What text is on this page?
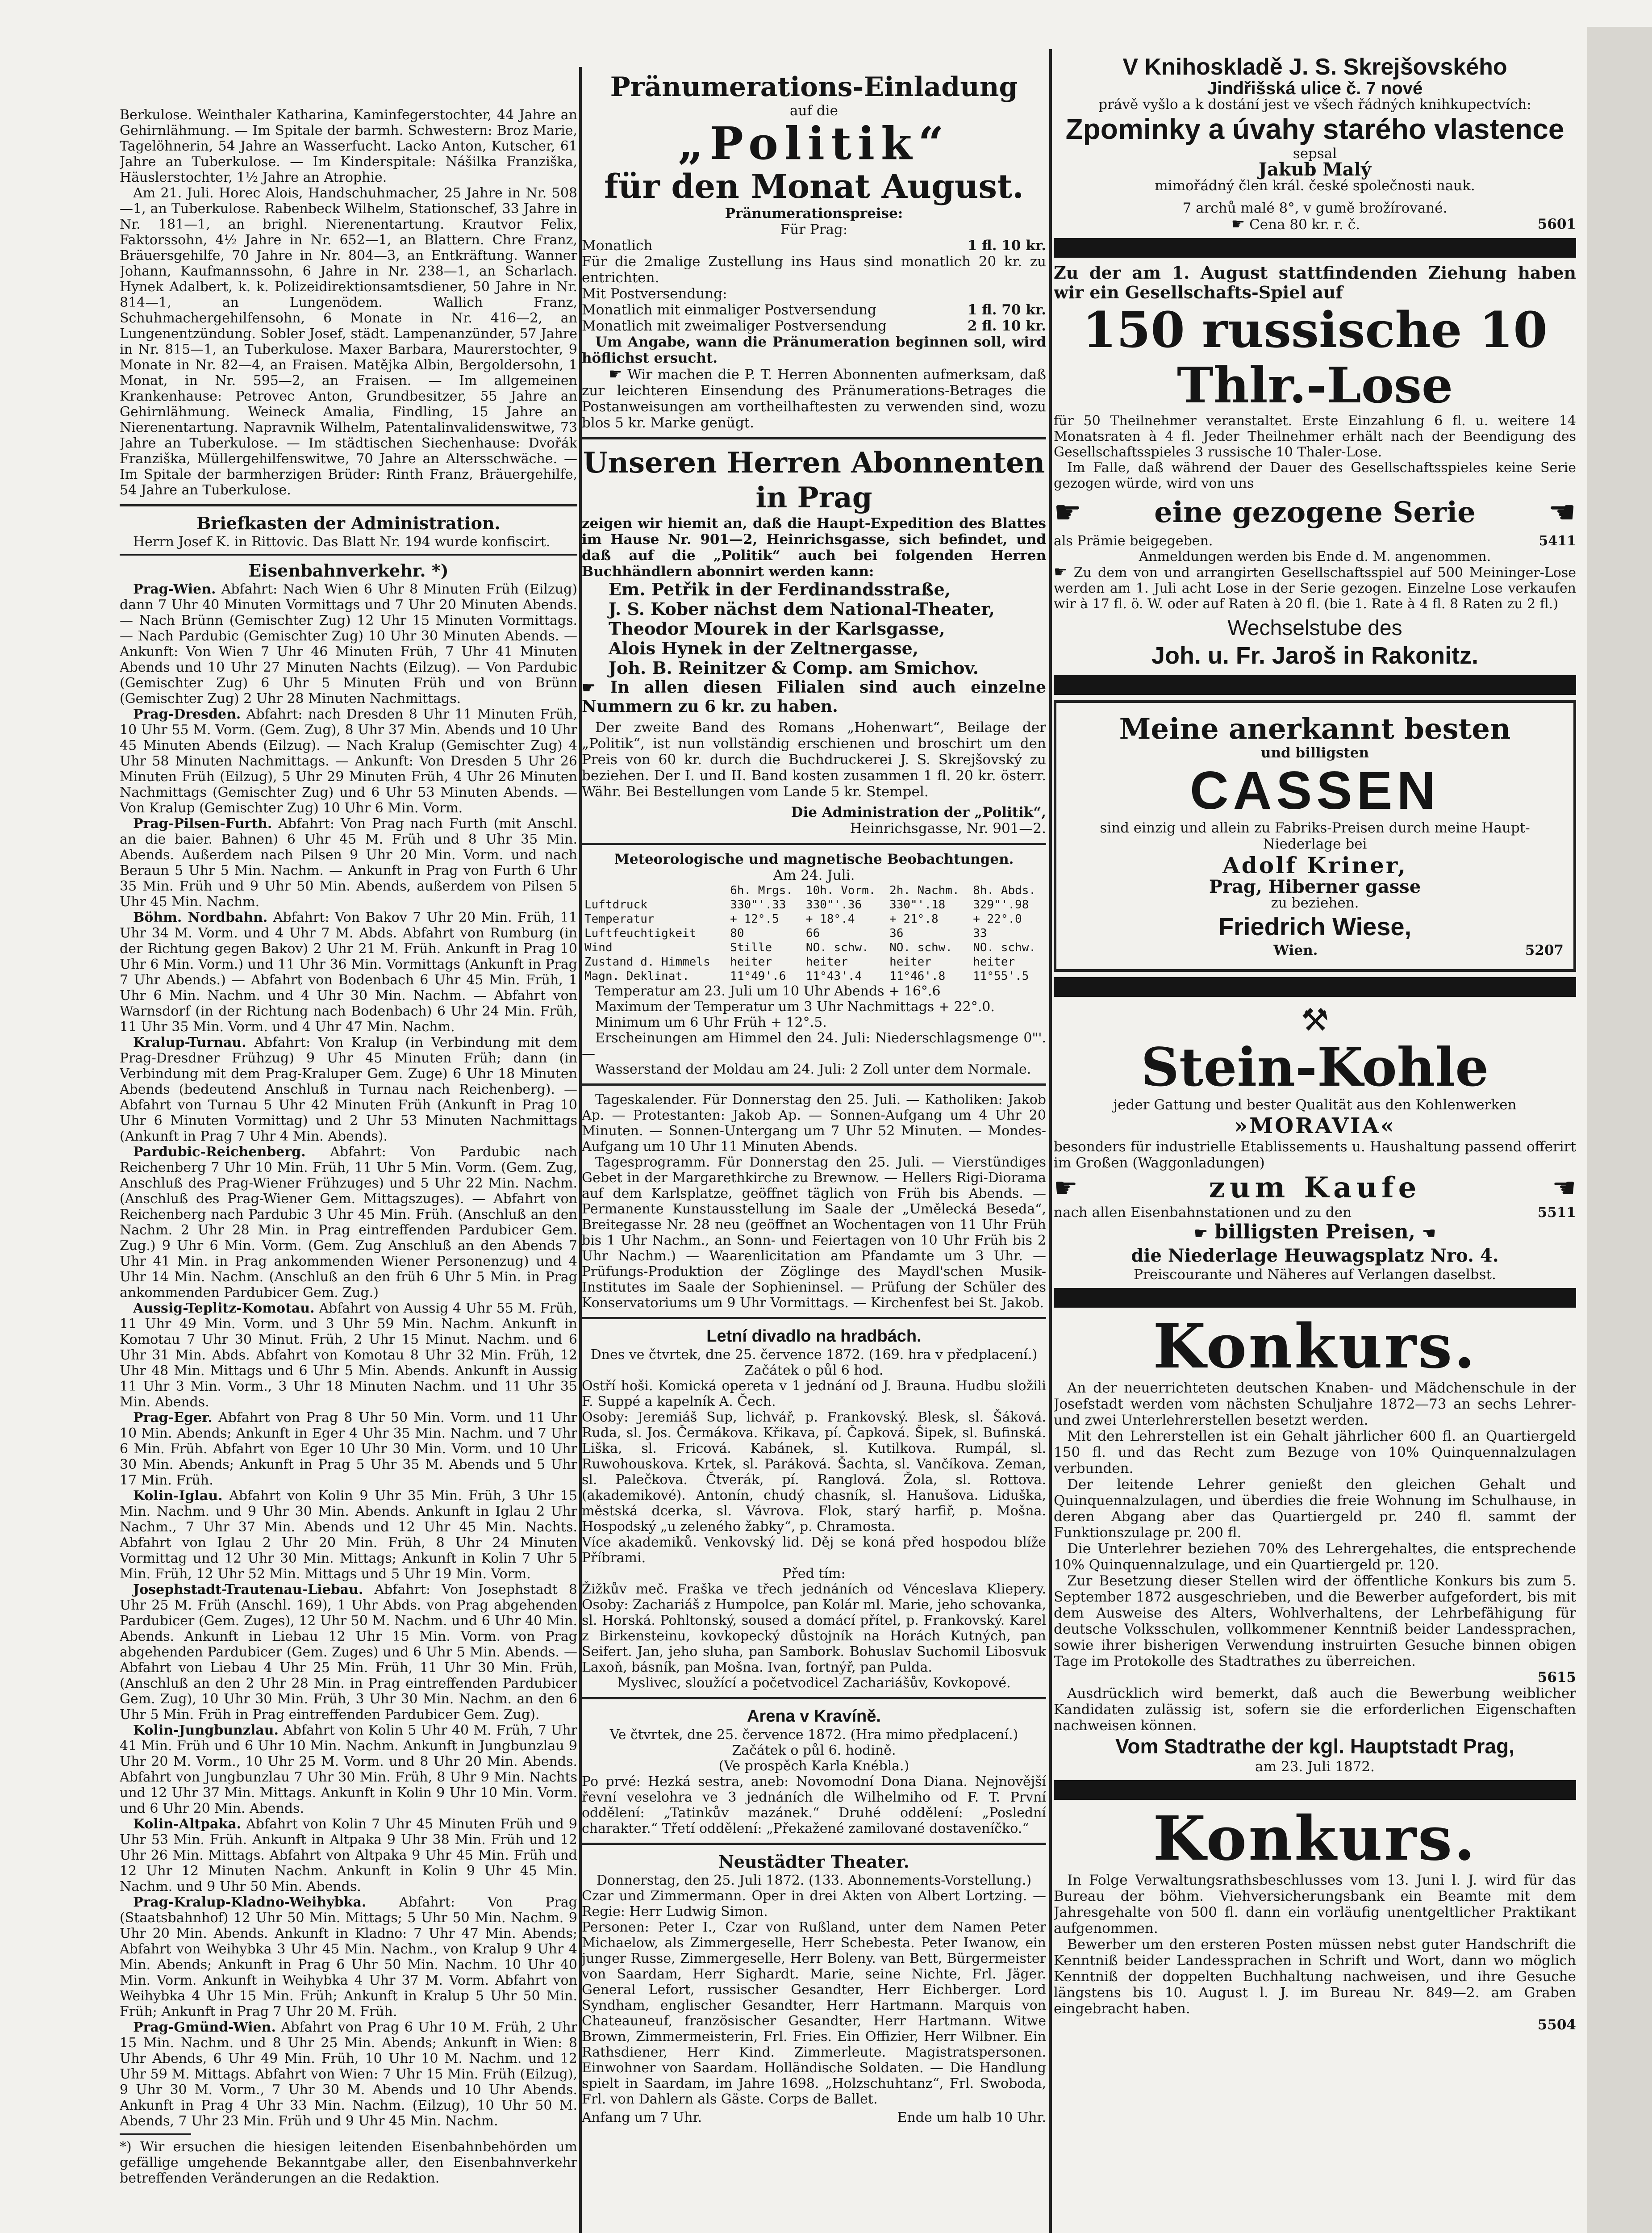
Berkulose. Weinthaler Katharina, Kaminfegerstochter, 44 Jahre an Gehirnlähmung. — Im Spitale der barmh. Schwestern: Broz Marie, Tagelöhnerin, 54 Jahre an Wasserfucht. Lacko Anton, Kutscher, 61 Jahre an Tuberkulose. — Im Kinderspitale: Nášilka Franziška, Häuslerstochter, 1½ Jahre an Atrophie.

Am 21. Juli. Horec Alois, Handschuhmacher, 25 Jahre in Nr. 508—1, an Tuberkulose. Rabenbeck Wilhelm, Stationschef, 33 Jahre in Nr. 181—1, an brighl. Nierenentartung. Krautvor Felix, Faktorssohn, 4½ Jahre in Nr. 652—1, an Blattern. Chre Franz, Bräuersgehilfe, 70 Jahre in Nr. 804—3, an Entkräftung. Wanner Johann, Kaufmannssohn, 6 Jahre in Nr. 238—1, an Scharlach. Hynek Adalbert, k. k. Polizeidirektionsamtsdiener, 50 Jahre in Nr. 814—1, an Lungenödem. Wallich Franz, Schuhmachergehilfensohn, 6 Monate in Nr. 416—2, an Lungenentzündung. Sobler Josef, städt. Lampenanzünder, 57 Jahre in Nr. 815—1, an Tuberkulose. Maxer Barbara, Maurerstochter, 9 Monate in Nr. 82—4, an Fraisen. Matějka Albin, Bergoldersohn, 1 Monat, in Nr. 595—2, an Fraisen. — Im allgemeinen Krankenhause: Petrovec Anton, Grundbesitzer, 55 Jahre an Gehirnlähmung. Weineck Amalia, Findling, 15 Jahre an Nierenentartung. Napravnik Wilhelm, Patentalinvalidenswitwe, 73 Jahre an Tuberkulose. — Im städtischen Siechenhause: Dvořák Franziška, Müllergehilfenswitwe, 70 Jahre an Altersschwäche. — Im Spitale der barmherzigen Brüder: Rinth Franz, Bräuergehilfe, 54 Jahre an Tuberkulose.

Briefkasten der Administration.

Herrn Josef K. in Rittovic. Das Blatt Nr. 194 wurde konfiscirt.

Eisenbahnverkehr. *)

Prag-Wien. Abfahrt: Nach Wien 6 Uhr 8 Minuten Früh (Eilzug) dann 7 Uhr 40 Minuten Vormittags und 7 Uhr 20 Minuten Abends. — Nach Brünn (Gemischter Zug) 12 Uhr 15 Minuten Vormittags. — Nach Pardubic (Gemischter Zug) 10 Uhr 30 Minuten Abends. — Ankunft: Von Wien 7 Uhr 46 Minuten Früh, 7 Uhr 41 Minuten Abends und 10 Uhr 27 Minuten Nachts (Eilzug). — Von Pardubic (Gemischter Zug) 6 Uhr 5 Minuten Früh und von Brünn (Gemischter Zug) 2 Uhr 28 Minuten Nachmittags.

Prag-Dresden. Abfahrt: nach Dresden 8 Uhr 11 Minuten Früh, 10 Uhr 55 M. Vorm. (Gem. Zug), 8 Uhr 37 Min. Abends und 10 Uhr 45 Minuten Abends (Eilzug). — Nach Kralup (Gemischter Zug) 4 Uhr 58 Minuten Nachmittags. — Ankunft: Von Dresden 5 Uhr 26 Minuten Früh (Eilzug), 5 Uhr 29 Minuten Früh, 4 Uhr 26 Minuten Nachmittags (Gemischter Zug) und 6 Uhr 53 Minuten Abends. — Von Kralup (Gemischter Zug) 10 Uhr 6 Min. Vorm.

Prag-Pilsen-Furth. Abfahrt: Von Prag nach Furth (mit Anschl. an die baier. Bahnen) 6 Uhr 45 M. Früh und 8 Uhr 35 Min. Abends. Außerdem nach Pilsen 9 Uhr 20 Min. Vorm. und nach Beraun 5 Uhr 5 Min. Nachm. — Ankunft in Prag von Furth 6 Uhr 35 Min. Früh und 9 Uhr 50 Min. Abends, außerdem von Pilsen 5 Uhr 45 Min. Nachm.

Böhm. Nordbahn. Abfahrt: Von Bakov 7 Uhr 20 Min. Früh, 11 Uhr 34 M. Vorm. und 4 Uhr 7 M. Abds. Abfahrt von Rumburg (in der Richtung gegen Bakov) 2 Uhr 21 M. Früh. Ankunft in Prag 10 Uhr 6 Min. Vorm.) und 11 Uhr 36 Min. Vormittags (Ankunft in Prag 7 Uhr Abends.) — Abfahrt von Bodenbach 6 Uhr 45 Min. Früh, 1 Uhr 6 Min. Nachm. und 4 Uhr 30 Min. Nachm. — Abfahrt von Warnsdorf (in der Richtung nach Bodenbach) 6 Uhr 24 Min. Früh, 11 Uhr 35 Min. Vorm. und 4 Uhr 47 Min. Nachm.

Kralup-Turnau. Abfahrt: Von Kralup (in Verbindung mit dem Prag-Dresdner Frühzug) 9 Uhr 45 Minuten Früh; dann (in Verbindung mit dem Prag-Kraluper Gem. Zuge) 6 Uhr 18 Minuten Abends (bedeutend Anschluß in Turnau nach Reichenberg). — Abfahrt von Turnau 5 Uhr 42 Minuten Früh (Ankunft in Prag 10 Uhr 6 Minuten Vormittag) und 2 Uhr 53 Minuten Nachmittags (Ankunft in Prag 7 Uhr 4 Min. Abends).

Pardubic-Reichenberg. Abfahrt: Von Pardubic nach Reichenberg 7 Uhr 10 Min. Früh, 11 Uhr 5 Min. Vorm. (Gem. Zug, Anschluß des Prag-Wiener Frühzuges) und 5 Uhr 22 Min. Nachm. (Anschluß des Prag-Wiener Gem. Mittagszuges). — Abfahrt von Reichenberg nach Pardubic 3 Uhr 45 Min. Früh. (Anschluß an den Nachm. 2 Uhr 28 Min. in Prag eintreffenden Pardubicer Gem. Zug.) 9 Uhr 6 Min. Vorm. (Gem. Zug Anschluß an den Abends 7 Uhr 41 Min. in Prag ankommenden Wiener Personenzug) und 4 Uhr 14 Min. Nachm. (Anschluß an den früh 6 Uhr 5 Min. in Prag ankommenden Pardubicer Gem. Zug.)

Aussig-Teplitz-Komotau. Abfahrt von Aussig 4 Uhr 55 M. Früh, 11 Uhr 49 Min. Vorm. und 3 Uhr 59 Min. Nachm. Ankunft in Komotau 7 Uhr 30 Minut. Früh, 2 Uhr 15 Minut. Nachm. und 6 Uhr 31 Min. Abds. Abfahrt von Komotau 8 Uhr 32 Min. Früh, 12 Uhr 48 Min. Mittags und 6 Uhr 5 Min. Abends. Ankunft in Aussig 11 Uhr 3 Min. Vorm., 3 Uhr 18 Minuten Nachm. und 11 Uhr 35 Min. Abends.

Prag-Eger. Abfahrt von Prag 8 Uhr 50 Min. Vorm. und 11 Uhr 10 Min. Abends; Ankunft in Eger 4 Uhr 35 Min. Nachm. und 7 Uhr 6 Min. Früh. Abfahrt von Eger 10 Uhr 30 Min. Vorm. und 10 Uhr 30 Min. Abends; Ankunft in Prag 5 Uhr 35 M. Abends und 5 Uhr 17 Min. Früh.

Kolin-Iglau. Abfahrt von Kolin 9 Uhr 35 Min. Früh, 3 Uhr 15 Min. Nachm. und 9 Uhr 30 Min. Abends. Ankunft in Iglau 2 Uhr Nachm., 7 Uhr 37 Min. Abends und 12 Uhr 45 Min. Nachts. Abfahrt von Iglau 2 Uhr 20 Min. Früh, 8 Uhr 24 Minuten Vormittag und 12 Uhr 30 Min. Mittags; Ankunft in Kolin 7 Uhr 5 Min. Früh, 12 Uhr 52 Min. Mittags und 5 Uhr 19 Min. Vorm.

Josephstadt-Trautenau-Liebau. Abfahrt: Von Josephstadt 8 Uhr 25 M. Früh (Anschl. 169), 1 Uhr Abds. von Prag abgehenden Pardubicer (Gem. Zuges), 12 Uhr 50 M. Nachm. und 6 Uhr 40 Min. Abends. Ankunft in Liebau 12 Uhr 15 Min. Vorm. von Prag abgehenden Pardubicer (Gem. Zuges) und 6 Uhr 5 Min. Abends. — Abfahrt von Liebau 4 Uhr 25 Min. Früh, 11 Uhr 30 Min. Früh, (Anschluß an den 2 Uhr 28 Min. in Prag eintreffenden Pardubicer Gem. Zug), 10 Uhr 30 Min. Früh, 3 Uhr 30 Min. Nachm. an den 6 Uhr 5 Min. Früh in Prag eintreffenden Pardubicer Gem. Zug).

Kolin-Jungbunzlau. Abfahrt von Kolin 5 Uhr 40 M. Früh, 7 Uhr 41 Min. Früh und 6 Uhr 10 Min. Nachm. Ankunft in Jungbunzlau 9 Uhr 20 M. Vorm., 10 Uhr 25 M. Vorm. und 8 Uhr 20 Min. Abends. Abfahrt von Jungbunzlau 7 Uhr 30 Min. Früh, 8 Uhr 9 Min. Nachts und 12 Uhr 37 Min. Mittags. Ankunft in Kolin 9 Uhr 10 Min. Vorm. und 6 Uhr 20 Min. Abends.

Kolin-Altpaka. Abfahrt von Kolin 7 Uhr 45 Minuten Früh und 9 Uhr 53 Min. Früh. Ankunft in Altpaka 9 Uhr 38 Min. Früh und 12 Uhr 26 Min. Mittags. Abfahrt von Altpaka 9 Uhr 45 Min. Früh und 12 Uhr 12 Minuten Nachm. Ankunft in Kolin 9 Uhr 45 Min. Nachm. und 9 Uhr 50 Min. Abends.

Prag-Kralup-Kladno-Weihybka. Abfahrt: Von Prag (Staatsbahnhof) 12 Uhr 50 Min. Mittags; 5 Uhr 50 Min. Nachm. 9 Uhr 20 Min. Abends. Ankunft in Kladno: 7 Uhr 47 Min. Abends; Abfahrt von Weihybka 3 Uhr 45 Min. Nachm., von Kralup 9 Uhr 4 Min. Abends; Ankunft in Prag 6 Uhr 50 Min. Nachm. 10 Uhr 40 Min. Vorm. Ankunft in Weihybka 4 Uhr 37 M. Vorm. Abfahrt von Weihybka 4 Uhr 15 Min. Früh; Ankunft in Kralup 5 Uhr 50 Min. Früh; Ankunft in Prag 7 Uhr 20 M. Früh.

Prag-Gmünd-Wien. Abfahrt von Prag 6 Uhr 10 M. Früh, 2 Uhr 15 Min. Nachm. und 8 Uhr 25 Min. Abends; Ankunft in Wien: 8 Uhr Abends, 6 Uhr 49 Min. Früh, 10 Uhr 10 M. Nachm. und 12 Uhr 59 M. Mittags. Abfahrt von Wien: 7 Uhr 15 Min. Früh (Eilzug), 9 Uhr 30 M. Vorm., 7 Uhr 30 M. Abends und 10 Uhr Abends. Ankunft in Prag 4 Uhr 33 Min. Nachm. (Eilzug), 10 Uhr 50 M. Abends, 7 Uhr 23 Min. Früh und 9 Uhr 45 Min. Nachm.

*) Wir ersuchen die hiesigen leitenden Eisenbahnbehörden um gefällige umgehende Bekanntgabe aller, den Eisenbahnverkehr betreffenden Veränderungen an die Redaktion.

Pränumerations-Einladung

auf die

„Politik“

für den Monat August.

Pränumerationspreise:

Für Prag:

Monatlich	1 fl. 10 kr.
Für die 2malige Zustellung ins Haus sind monatlich 20 kr. zu entrichten.
Mit Postversendung:
Monatlich mit einmaliger Postversendung	1 fl. 70 kr.
Monatlich mit zweimaliger Postversendung	2 fl. 10 kr.

Um Angabe, wann die Pränumeration beginnen soll, wird höflichst ersucht.

☛ Wir machen die P. T. Herren Abonnenten aufmerksam, daß zur leichteren Einsendung des Pränumerations-Betrages die Postanweisungen am vortheilhaftesten zu verwenden sind, wozu blos 5 kr. Marke genügt.

Unseren Herren Abonnenten in Prag

zeigen wir hiemit an, daß die Haupt-Expedition des Blattes im Hause Nr. 901—2, Heinrichsgasse, sich befindet, und daß auf die „Politik“ auch bei folgenden Herren Buchhändlern abonnirt werden kann:

Em. Petřik in der Ferdinandsstraße,

J. S. Kober nächst dem National-Theater,

Theodor Mourek in der Karlsgasse,

Alois Hynek in der Zeltnergasse,

Joh. B. Reinitzer & Comp. am Smichov.

☛ In allen diesen Filialen sind auch einzelne Nummern zu 6 kr. zu haben.

Der zweite Band des Romans „Hohenwart“, Beilage der „Politik“, ist nun vollständig erschienen und broschirt um den Preis von 60 kr. durch die Buchdruckerei J. S. Skrejšovský zu beziehen. Der I. und II. Band kosten zusammen 1 fl. 20 kr. österr. Währ. Bei Bestellungen vom Lande 5 kr. Stempel.

Die Administration der „Politik“,

Heinrichsgasse, Nr. 901—2.

Meteorologische und magnetische Beobachtungen.

Am 24. Juli.

	6h. Mrgs.	10h. Vorm.	2h. Nachm.	8h. Abds.
Luftdruck	330"'.33	330"'.36	330"'.18	329"'.98
Temperatur	+ 12°.5	+ 18°.4	+ 21°.8	+ 22°.0
Luftfeuchtigkeit	80	66	36	33
Wind	Stille	NO. schw.	NO. schw.	NO. schw.
Zustand d. Himmels	heiter	heiter	heiter	heiter
Magn. Deklinat.	11°49'.6	11°43'.4	11°46'.8	11°55'.5

Temperatur am 23. Juli um 10 Uhr Abends + 16°.6

Maximum der Temperatur um 3 Uhr Nachmittags + 22°.0.

Minimum um 6 Uhr Früh + 12°.5.

Erscheinungen am Himmel den 24. Juli: Niederschlagsmenge 0"'.—

Wasserstand der Moldau am 24. Juli: 2 Zoll unter dem Normale.

Tageskalender. Für Donnerstag den 25. Juli. — Katholiken: Jakob Ap. — Protestanten: Jakob Ap. — Sonnen-Aufgang um 4 Uhr 20 Minuten. — Sonnen-Untergang um 7 Uhr 52 Minuten. — Mondes-Aufgang um 10 Uhr 11 Minuten Abends.

Tagesprogramm. Für Donnerstag den 25. Juli. — Vierstündiges Gebet in der Margarethkirche zu Brewnow. — Hellers Rigi-Diorama auf dem Karlsplatze, geöffnet täglich von Früh bis Abends. — Permanente Kunstausstellung im Saale der „Umělecká Beseda“, Breitegasse Nr. 28 neu (geöffnet an Wochentagen von 11 Uhr Früh bis 1 Uhr Nachm., an Sonn- und Feiertagen von 10 Uhr Früh bis 2 Uhr Nachm.) — Waarenlicitation am Pfandamte um 3 Uhr. — Prüfungs-Produktion der Zöglinge des Maydl'schen Musik-Institutes im Saale der Sophieninsel. — Prüfung der Schüler des Konservatoriums um 9 Uhr Vormittags. — Kirchenfest bei St. Jakob.

Letní divadlo na hradbách.

Dnes ve čtvrtek, dne 25. července 1872. (169. hra v předplacení.)

Začátek o půl 6 hod.

Ostří hoši. Komická opereta v 1 jednání od J. Brauna. Hudbu složili F. Suppé a kapelník A. Čech.

Osoby: Jeremiáš Sup, lichvář, p. Frankovský. Blesk, sl. Šáková. Ruda, sl. Jos. Čermákova. Křikava, pí. Čapková. Šipek, sl. Bufinská. Liška, sl. Fricová. Kabánek, sl. Kutilkova. Rumpál, sl. Ruwohouskova. Krtek, sl. Paráková. Šachta, sl. Vančíkova. Zeman, sl. Palečkova. Čtverák, pí. Ranglová. Žola, sl. Rottova. (akademikové). Antonín, chudý chasník, sl. Hanušova. Liduška, městská dcerka, sl. Vávrova. Flok, starý harfiř, p. Mošna. Hospodský „u zeleného žabky“, p. Chramosta.

Více akademiků. Venkovský lid. Děj se koná před hospodou blíže Příbrami.

Před tím:

Žižkův meč. Fraška ve třech jednáních od Vénceslava Kliepery. Osoby: Zachariáš z Humpolce, pan Kolár ml. Marie, jeho schovanka, sl. Horská. Pohltonský, soused a domácí přítel, p. Frankovský. Karel z Birkensteinu, kovkopecký důstojník na Horách Kutných, pan Seifert. Jan, jeho sluha, pan Sambork. Bohuslav Suchomil Libosvuk Laxoň, básník, pan Mošna. Ivan, fortnýř, pan Pulda.

Myslivec, sloužící a početvodicel Zachariášův, Kovkopové.

Arena v Kravíně.

Ve čtvrtek, dne 25. července 1872. (Hra mimo předplacení.)

Začátek o půl 6. hodině.

(Ve prospěch Karla Knébla.)

Po prvé: Hezká sestra, aneb: Novomodní Dona Diana. Nejnovější řevní veselohra ve 3 jednáních dle Wilhelmiho od F. T. První oddělení: „Tatinkův mazánek.“ Druhé oddělení: „Poslední charakter.“ Třetí oddělení: „Překažené zamilované dostaveníčko.“

Neustädter Theater.

Donnerstag, den 25. Juli 1872. (133. Abonnements-Vorstellung.)

Czar und Zimmermann. Oper in drei Akten von Albert Lortzing. — Regie: Herr Ludwig Simon.

Personen: Peter I., Czar von Rußland, unter dem Namen Peter Michaelow, als Zimmergeselle, Herr Schebesta. Peter Iwanow, ein junger Russe, Zimmergeselle, Herr Boleny. van Bett, Bürgermeister von Saardam, Herr Sighardt. Marie, seine Nichte, Frl. Jäger. General Lefort, russischer Gesandter, Herr Eichberger. Lord Syndham, englischer Gesandter, Herr Hartmann. Marquis von Chateauneuf, französischer Gesandter, Herr Hartmann. Witwe Brown, Zimmermeisterin, Frl. Fries. Ein Offizier, Herr Wilbner. Ein Rathsdiener, Herr Kind. Zimmerleute. Magistratspersonen. Einwohner von Saardam. Holländische Soldaten. — Die Handlung spielt in Saardam, im Jahre 1698. „Holzschuhtanz“, Frl. Swoboda, Frl. von Dahlern als Gäste. Corps de Ballet.

Anfang um 7 Uhr.	Ende um halb 10 Uhr.

V Knihoskladě J. S. Skrejšovského

Jindřišská ulice č. 7 nové

právě vyšlo a k dostání jest ve všech řádných knihkupectvích:

Zpominky a úvahy starého vlastence

sepsal

Jakub Malý

mimořádný člen král. české společnosti nauk.

7 archů malé 8°, v gumě brožírované.

☛ Cena 80 kr. r. č.	5601

Zu der am 1. August stattfindenden Ziehung haben wir ein Gesellschafts-Spiel auf

150 russische 10 Thlr.-Lose

für 50 Theilnehmer veranstaltet. Erste Einzahlung 6 fl. u. weitere 14 Monatsraten à 4 fl. Jeder Theilnehmer erhält nach der Beendigung des Gesellschaftsspieles 3 russische 10 Thaler-Lose.

Im Falle, daß während der Dauer des Gesellschaftsspieles keine Serie gezogen würde, wird von uns

☛	eine gezogene Serie ☚
als Prämie beigegeben.	5411

Anmeldungen werden bis Ende d. M. angenommen.

☛ Zu dem von und arrangirten Gesellschaftsspiel auf 500 Meininger-Lose werden am 1. Juli acht Lose in der Serie gezogen. Einzelne Lose verkaufen wir à 17 fl. ö. W. oder auf Raten à 20 fl. (bie 1. Rate à 4 fl. 8 Raten zu 2 fl.)

Wechselstube des

Joh. u. Fr. Jaroš in Rakonitz.

Meine anerkannt besten

und billigsten

CASSEN

sind einzig und allein zu Fabriks-Preisen durch meine Haupt-Niederlage bei

Adolf Kriner,

Prag, Hiberner gasse

zu beziehen.

Friedrich Wiese,

Wien.	5207

⚒

Stein-Kohle

jeder Gattung und bester Qualität aus den Kohlenwerken

»MORAVIA«

besonders für industrielle Etablissements u. Haushaltung passend offerirt im Großen (Waggonladungen)

☛	zum Kaufe	☚
nach allen Eisenbahnstationen und zu den	5511

☛ billigsten Preisen, ☚

die Niederlage Heuwagsplatz Nro. 4.

Preiscourante und Näheres auf Verlangen daselbst.

Konkurs.

An der neuerrichteten deutschen Knaben- und Mädchenschule in der Josefstadt werden vom nächsten Schuljahre 1872—73 an sechs Lehrer- und zwei Unterlehrerstellen besetzt werden.

Mit den Lehrerstellen ist ein Gehalt jährlicher 600 fl. an Quartiergeld 150 fl. und das Recht zum Bezuge von 10% Quinquennalzulagen verbunden.

Der leitende Lehrer genießt den gleichen Gehalt und Quinquennalzulagen, und überdies die freie Wohnung im Schulhause, in deren Abgang aber das Quartiergeld pr. 240 fl. sammt der Funktionszulage pr. 200 fl.

Die Unterlehrer beziehen 70% des Lehrergehaltes, die entsprechende 10% Quinquennalzulage, und ein Quartiergeld pr. 120.

Zur Besetzung dieser Stellen wird der öffentliche Konkurs bis zum 5. September 1872 ausgeschrieben, und die Bewerber aufgefordert, bis mit dem Ausweise des Alters, Wohlverhaltens, der Lehrbefähigung für deutsche Volksschulen, vollkommener Kenntniß beider Landessprachen, sowie ihrer bisherigen Verwendung instruirten Gesuche binnen obigen Tage im Protokolle des Stadtrathes zu überreichen.

5615

Ausdrücklich wird bemerkt, daß auch die Bewerbung weiblicher Kandidaten zulässig ist, sofern sie die erforderlichen Eigenschaften nachweisen können.

Vom Stadtrathe der kgl. Hauptstadt Prag,

am 23. Juli 1872.

Konkurs.

In Folge Verwaltungsrathsbeschlusses vom 13. Juni l. J. wird für das Bureau der böhm. Viehversicherungsbank ein Beamte mit dem Jahresgehalte von 500 fl. dann ein vorläufig unentgeltlicher Praktikant aufgenommen.

Bewerber um den ersteren Posten müssen nebst guter Handschrift die Kenntniß beider Landessprachen in Schrift und Wort, dann wo möglich Kenntniß der doppelten Buchhaltung nachweisen, und ihre Gesuche längstens bis 10. August l. J. im Bureau Nr. 849—2. am Graben eingebracht haben.

5504
